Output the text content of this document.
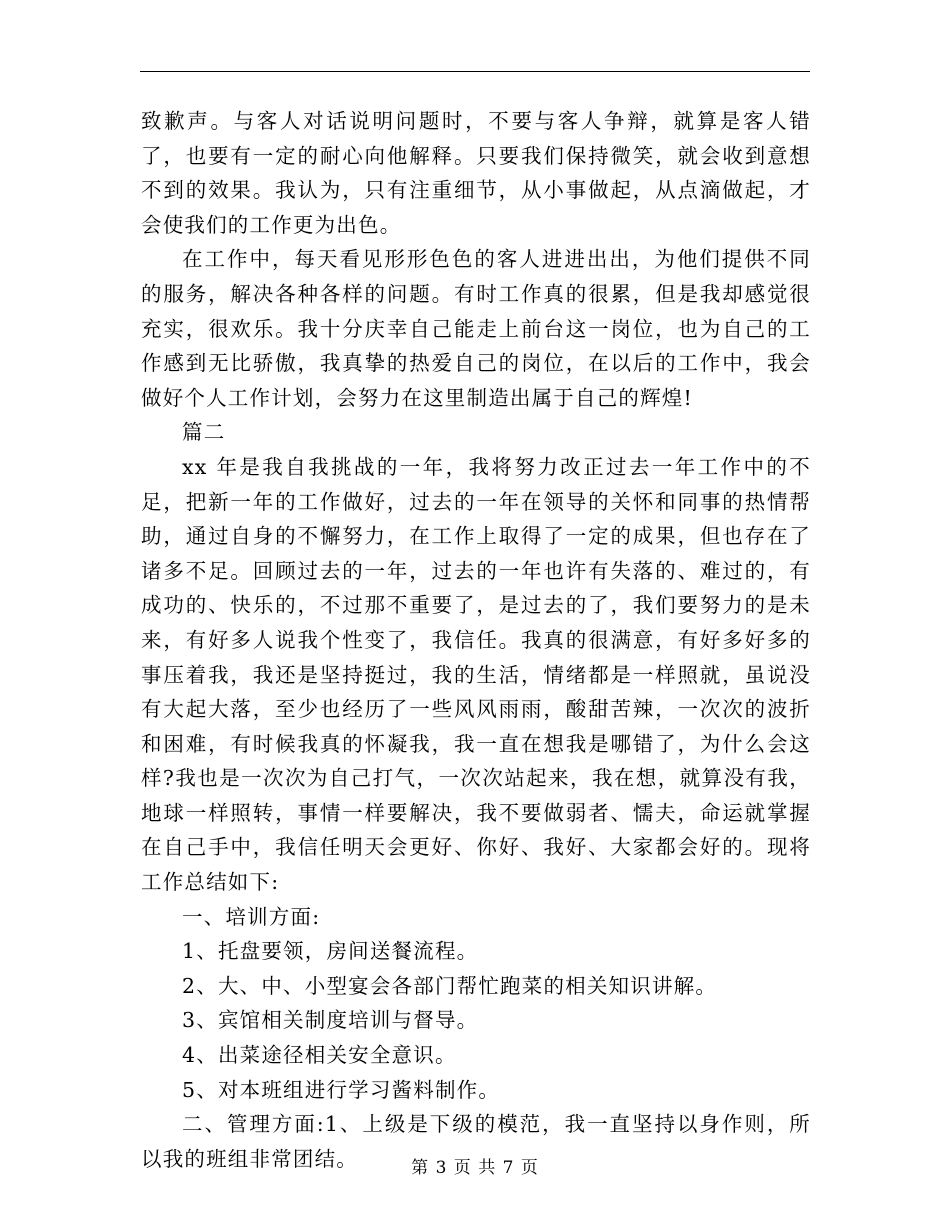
致歉声。与客人对话说明问题时，不要与客人争辩，就算是客人错了，也要有一定的耐心向他解释。只要我们保持微笑，就会收到意想不到的效果。我认为，只有注重细节，从小事做起，从点滴做起，才会使我们的工作更为出色。

在工作中，每天看见形形色色的客人进进出出，为他们提供不同的服务，解决各种各样的问题。有时工作真的很累，但是我却感觉很充实，很欢乐。我十分庆幸自己能走上前台这一岗位，也为自己的工作感到无比骄傲，我真挚的热爱自己的岗位，在以后的工作中，我会做好个人工作计划，会努力在这里制造出属于自己的辉煌!

篇二

xx 年是我自我挑战的一年，我将努力改正过去一年工作中的不足，把新一年的工作做好，过去的一年在领导的关怀和同事的热情帮助，通过自身的不懈努力，在工作上取得了一定的成果，但也存在了诸多不足。回顾过去的一年，过去的一年也许有失落的、难过的，有成功的、快乐的，不过那不重要了，是过去的了，我们要努力的是未来，有好多人说我个性变了，我信任。我真的很满意，有好多好多的事压着我，我还是坚持挺过，我的生活，情绪都是一样照就，虽说没有大起大落，至少也经历了一些风风雨雨，酸甜苦辣，一次次的波折和困难，有时候我真的怀凝我，我一直在想我是哪错了，为什么会这样?我也是一次次为自己打气，一次次站起来，我在想，就算没有我，地球一样照转，事情一样要解决，我不要做弱者、懦夫，命运就掌握在自己手中，我信任明天会更好、你好、我好、大家都会好的。现将工作总结如下:

一、培训方面:

1、托盘要领，房间送餐流程。

2、大、中、小型宴会各部门帮忙跑菜的相关知识讲解。

3、宾馆相关制度培训与督导。

4、出菜途径相关安全意识。

5、对本班组进行学习酱料制作。

二、管理方面:1、上级是下级的模范，我一直坚持以身作则，所以我的班组非常团结。	第 3 页 共 7 页
